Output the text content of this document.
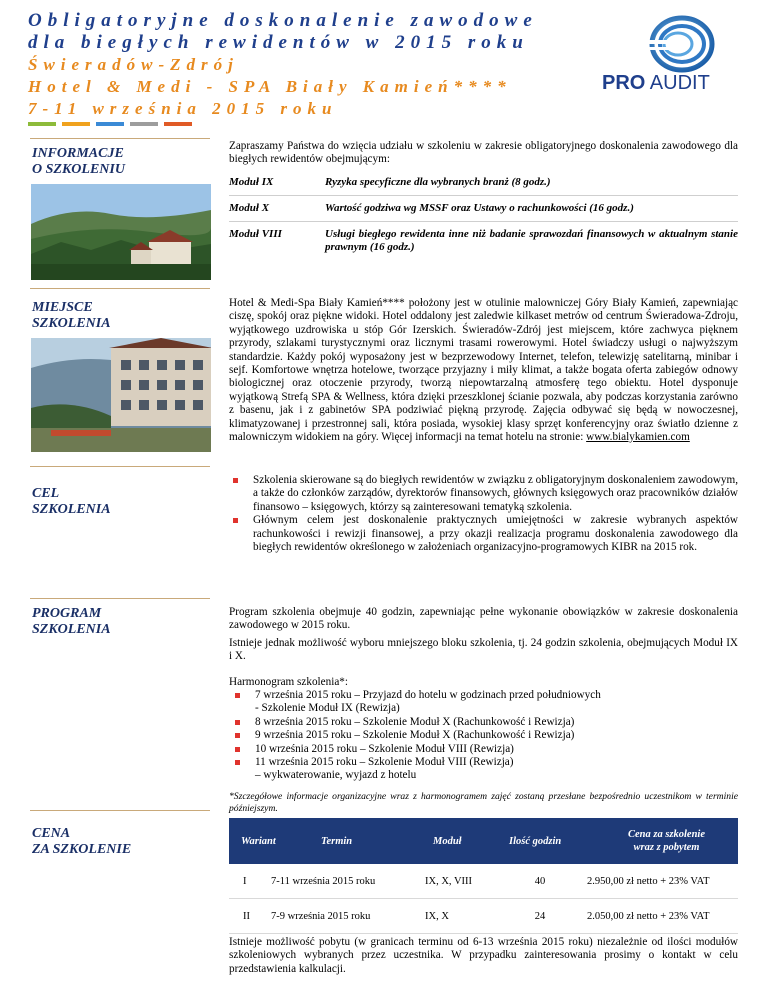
Obligatoryjne doskonalenie zawodowe
dla biegłych rewidentów w 2015 roku
Świeradów-Zdrój
Hotel & Medi - SPA Biały Kamień****
7-11 września 2015 roku
PRO AUDIT
INFORMACJE
O SZKOLENIU

Zapraszamy Państwa do wzięcia udziału w szkoleniu w zakresie obligatoryjnego doskonalenia zawodowego dla biegłych rewidentów obejmującym:

Moduł IX	Ryzyka specyficzne dla wybranych branż (8 godz.)
Moduł X	Wartość godziwa wg MSSF oraz Ustawy o rachunkowości (16 godz.)
Moduł VIII	Usługi biegłego rewidenta inne niż badanie sprawozdań finansowych w aktualnym stanie prawnym (16 godz.)
MIEJSCE
SZKOLENIA

Hotel & Medi-Spa Biały Kamień**** położony jest w otulinie malowniczej Góry Biały Kamień, zapewniając ciszę, spokój oraz piękne widoki. Hotel oddalony jest zaledwie kilkaset metrów od centrum Świeradowa-Zdroju, wyjątkowego uzdrowiska u stóp Gór Izerskich. Świeradów-Zdrój jest miejscem, które zachwyca pięknem przyrody, szlakami turystycznymi oraz licznymi trasami rowerowymi. Hotel świadczy usługi o najwyższym standardzie. Każdy pokój wyposażony jest w bezprzewodowy Internet, telefon, telewizję satelitarną, minibar i sejf. Komfortowe wnętrza hotelowe, tworzące przyjazny i miły klimat, a także bogata oferta zabiegów odnowy biologicznej oraz otoczenie przyrody, tworzą niepowtarzalną atmosferę tego obiektu. Hotel dysponuje wyjątkową Strefą SPA & Wellness, która dzięki przeszklonej ścianie pozwala, aby podczas korzystania zarówno z basenu, jak i z gabinetów SPA podziwiać piękną przyrodę. Zajęcia odbywać się będą w nowoczesnej, klimatyzowanej i przestronnej sali, która posiada, wysokiej klasy sprzęt konferencyjny oraz światło dzienne z malowniczym widokiem na góry. Więcej informacji na temat hotelu na stronie: www.bialykamien.com

CEL
SZKOLENIA
Szkolenia skierowane są do biegłych rewidentów w związku z obligatoryjnym doskonaleniem zawodowym, a także do członków zarządów, dyrektorów finansowych, głównych księgowych oraz pracowników działów finansowo – księgowych, którzy są zainteresowani tematyką szkolenia.
Głównym celem jest doskonalenie praktycznych umiejętności w zakresie wybranych aspektów rachunkowości i rewizji finansowej, a przy okazji realizacja programu doskonalenia zawodowego dla biegłych rewidentów określonego w założeniach organizacyjno-programowych KIBR na 2015 rok.
PROGRAM
SZKOLENIA

Program szkolenia obejmuje 40 godzin, zapewniając pełne wykonanie obowiązków w zakresie doskonalenia zawodowego w 2015 roku.

Istnieje jednak możliwość wyboru mniejszego bloku szkolenia, tj. 24 godzin szkolenia, obejmujących Moduł IX i X.

Harmonogram szkolenia*:

7 września 2015 roku – Przyjazd do hotelu w godzinach przed południowych
- Szkolenie Moduł IX (Rewizja)
8 września 2015 roku – Szkolenie Moduł X (Rachunkowość i Rewizja)
9 września 2015 roku – Szkolenie Moduł X (Rachunkowość i Rewizja)
10 września 2015 roku – Szkolenie Moduł VIII (Rewizja)
11 września 2015 roku – Szkolenie Moduł VIII (Rewizja)
– wykwaterowanie, wyjazd z hotelu

*Szczegółowe informacje organizacyjne wraz z harmonogramem zajęć zostaną przesłane bezpośrednio uczestnikom w terminie późniejszym.

CENA
ZA SZKOLENIE
Wariant	Termin	Moduł	Ilość godzin
Cena za szkolenie
wraz z pobytem
I	7-11 września 2015 roku	IX, X, VIII	40	2.950,00 zł netto + 23% VAT
II	7-9 września 2015 roku	IX, X	24	2.050,00 zł netto + 23% VAT

Istnieje możliwość pobytu (w granicach terminu od 6-13 września 2015 roku) niezależnie od ilości modułów szkoleniowych wybranych przez uczestnika. W przypadku zainteresowania prosimy o kontakt w celu przedstawienia kalkulacji.
